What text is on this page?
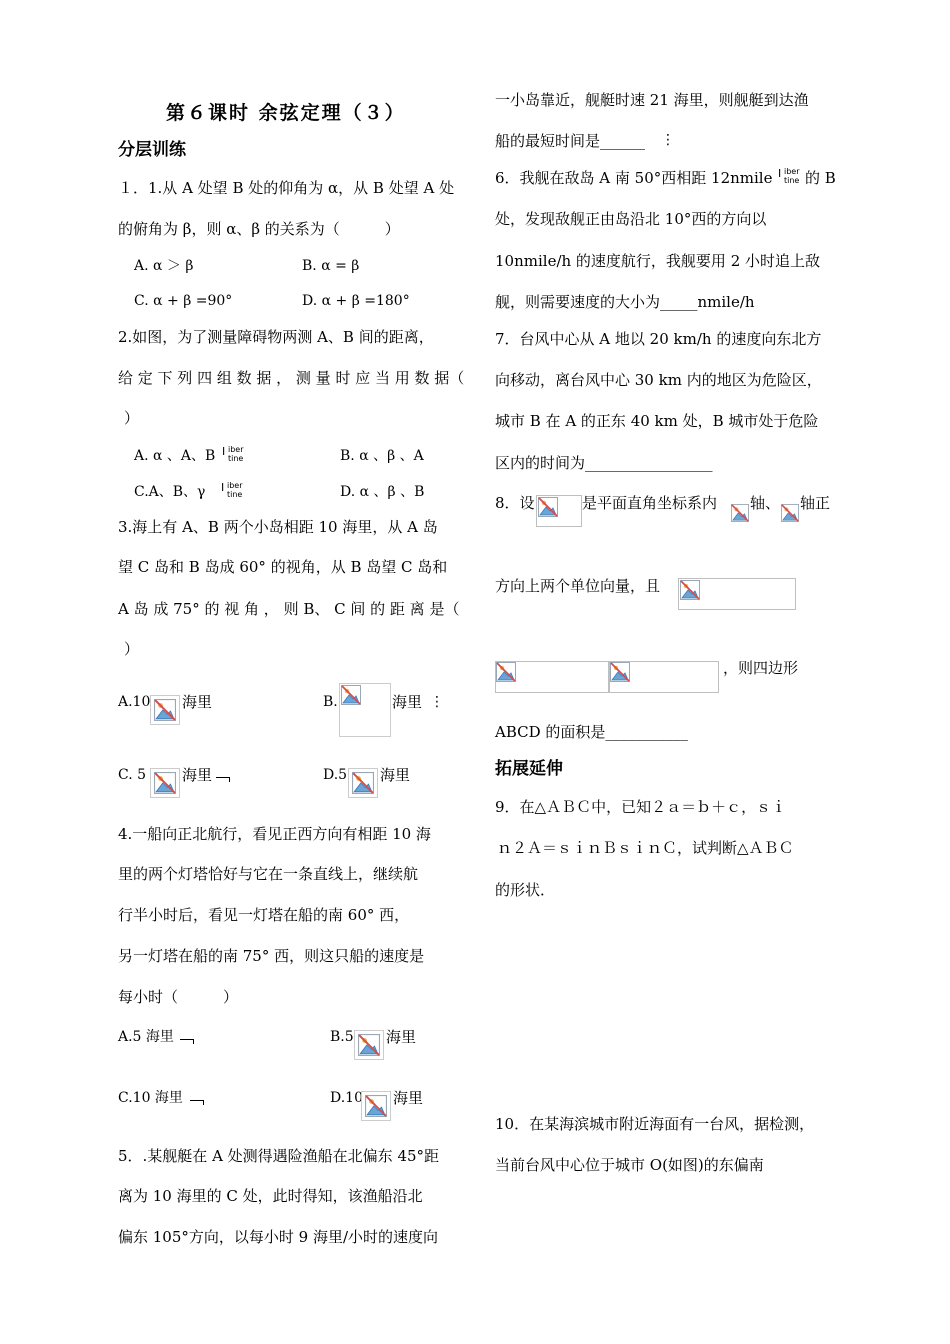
第６课时 余弦定理（３）
分层训练
１．1.从 A 处望 B 处的仰角为 α，从 B 处望 A 处
的俯角为 β，则 α、β 的关系为（　　　）
A. α ＞ β	B. α = β
C. α + β =90°	D. α + β =180°
2.如图，为了测量障碍物两测 A、B 间的距离，
给 定 下 列 四 组 数 据 ， 测 量 时 应 当 用 数 据（
）
A. α 、A、B I iber
tine	B. α 、β 、A
C.A、B、γ I iber
tine	D. α 、β 、B
3.海上有 A、B 两个小岛相距 10 海里，从 A 岛
望 C 岛和 B 岛成 60° 的视角，从 B 岛望 C 岛和
A 岛 成 75° 的 视 角 ， 则 B、 C 间 的 距 离 是（
）
A.10 海里	B.	海里 ⋮
C. 5 海里	D.5 海里
4.一船向正北航行，看见正西方向有相距 10 海
里的两个灯塔恰好与它在一条直线上，继续航
行半小时后，看见一灯塔在船的南 60° 西，
另一灯塔在船的南 75° 西，则这只船的速度是
每小时（　　　）
A.5 海里	B.5 海里
C.10 海里	D.10 海里
5．.某舰艇在 A 处测得遇险渔船在北偏东 45°距
离为 10 海里的 C 处，此时得知，该渔船沿北
偏东 105°方向，以每小时 9 海里/小时的速度向
一小岛靠近，舰艇时速 21 海里，则舰艇到达渔
船的最短时间是______ ⋮
6．我舰在敌岛 A 南 50°西相距 12nmile I iber
tine 的 B
处，发现敌舰正由岛沿北 10°西的方向以
10nmile/h 的速度航行，我舰要用 2 小时追上敌
舰，则需要速度的大小为_____nmile/h
7．台风中心从 A 地以 20 km/h 的速度向东北方
向移动，离台风中心 30 km 内的地区为危险区，
城市 B 在 A 的正东 40 km 处，B 城市处于危险
区内的时间为_________________
8．设	是平面直角坐标系内 轴、 轴正
方向上两个单位向量，且
，则四边形
ABCD 的面积是___________
拓展延伸
9．在△ＡＢＣ中，已知２ａ＝ｂ＋ｃ，ｓｉ
ｎ２Ａ＝ｓｉｎＢｓｉｎＣ，试判断△ＡＢＣ
的形状．
10．在某海滨城市附近海面有一台风，据检测，
当前台风中心位于城市 O(如图)的东偏南
